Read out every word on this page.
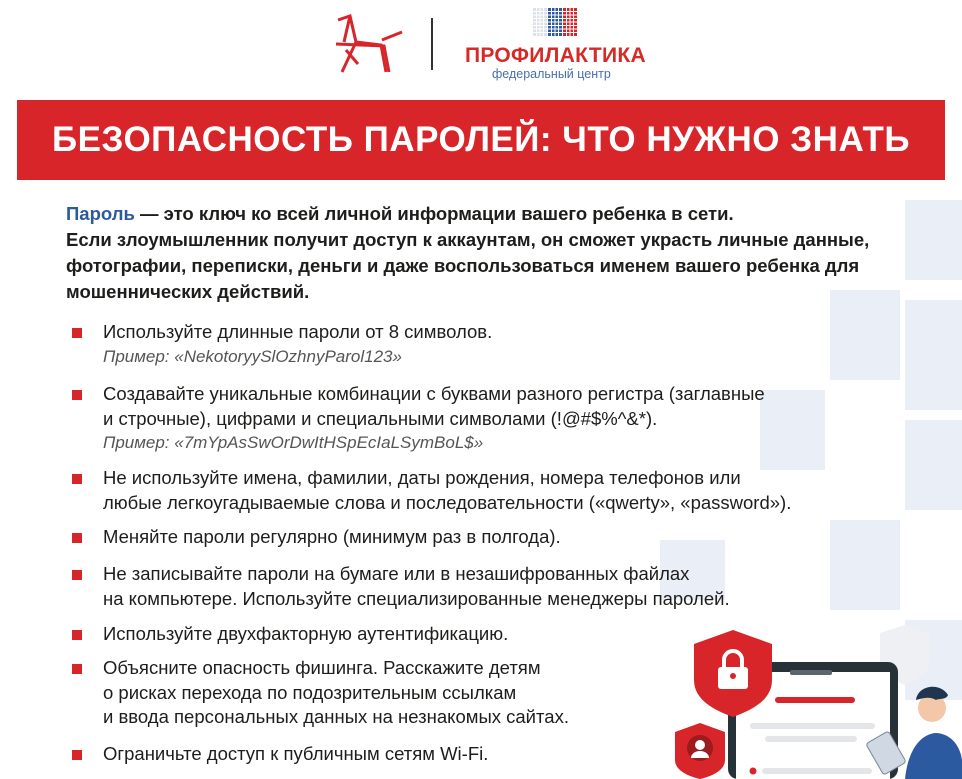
ПРОФИЛАКТИКА
федеральный центр
БЕЗОПАСНОСТЬ ПАРОЛЕЙ: ЧТО НУЖНО ЗНАТЬ
Пароль — это ключ ко всей личной информации вашего ребенка в сети.
Если злоумышленник получит доступ к аккаунтам, он сможет украсть личные данные, фотографии, переписки, деньги и даже воспользоваться именем вашего ребенка для мошеннических действий.
Используйте длинные пароли от 8 символов.
Пример: «NekotoryySlOzhnyParol123»
Создавайте уникальные комбинации с буквами разного регистра (заглавные
и строчные), цифрами и специальными символами (!@#$%^&*).
Пример: «7mYpAsSwOrDwItHSpEcIaLSymBoL$»
Не используйте имена, фамилии, даты рождения, номера телефонов или
любые легкоугадываемые слова и последовательности («qwerty», «password»).
Меняйте пароли регулярно (минимум раз в полгода).
Не записывайте пароли на бумаге или в незашифрованных файлах
на компьютере. Используйте специализированные менеджеры паролей.
Используйте двухфакторную аутентификацию.
Объясните опасность фишинга. Расскажите детям
о рисках перехода по подозрительным ссылкам
и ввода персональных данных на незнакомых сайтах.
Ограничьте доступ к публичным сетям Wi-Fi.
